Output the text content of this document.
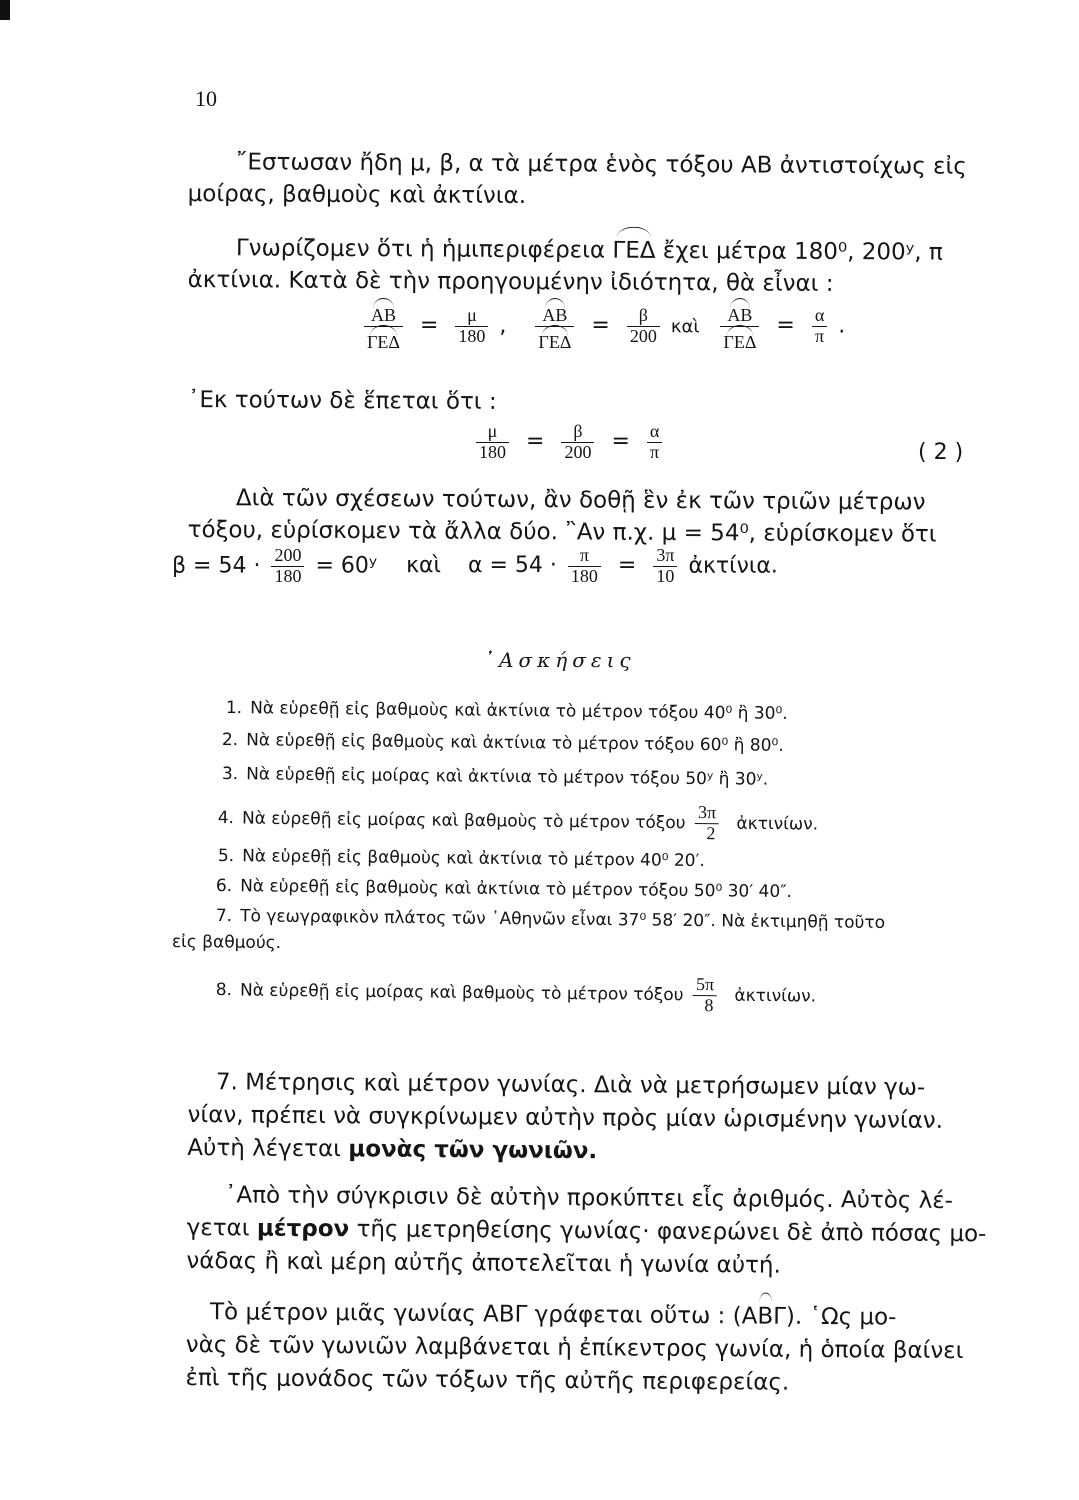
10
῎Εστωσαν ἤδη μ, β, α τὰ μέτρα ἑνὸς τόξου ΑΒ ἀντιστοίχως εἰς
μοίρας, βαθμοὺς καὶ ἀκτίνια.
Γνωρίζομεν ὅτι ἡ ἡμιπεριφέρεια ΓΕΔ ἔχει μέτρα 180⁰, 200ʸ, π
ἀκτίνια. Κατὰ δὲ τὴν προηγουμένην ἰδιότητα, θὰ εἶναι :
$\frac{AB}{\text{ΓΕΔ}} = \frac{\mu}{180}$ , $\frac{AB}{\text{ΓΕΔ}} = \frac{\beta}{200}$ καὶ $\frac{AB}{\text{ΓΕΔ}} = \frac{\alpha}{\pi}$ .
᾿Εκ τούτων δὲ ἕπεται ὅτι :
$\frac{\mu}{180} = \frac{\beta}{200} = \frac{\alpha}{\pi}$	( 2 )
Διὰ τῶν σχέσεων τούτων, ἂν δοθῇ ἓν ἐκ τῶν τριῶν μέτρων
τόξου, εὑρίσκομεν τὰ ἄλλα δύο. ῍Αν π.χ. μ = 54⁰, εὑρίσκομεν ὅτι
$\beta = 54 \cdot \frac{200}{180}$ = 60ʸ καὶ $\alpha = 54 \cdot \frac{\pi}{180} = \frac{3\pi}{10}$ ἀκτίνια.
᾿Ασκήσεις
1. Νὰ εὑρεθῇ εἰς βαθμοὺς καὶ ἀκτίνια τὸ μέτρον τόξου 40⁰ ἢ 30⁰.
2. Νὰ εὑρεθῇ εἰς βαθμοὺς καὶ ἀκτίνια τὸ μέτρον τόξου 60⁰ ἢ 80⁰.
3. Νὰ εὑρεθῇ εἰς μοίρας καὶ ἀκτίνια τὸ μέτρον τόξου 50ʸ ἢ 30ʸ.
4. Νὰ εὑρεθῇ εἰς μοίρας καὶ βαθμοὺς τὸ μέτρον τόξου $\frac{3\pi}{2}$ ἀκτινίων.
5. Νὰ εὑρεθῇ εἰς βαθμοὺς καὶ ἀκτίνια τὸ μέτρον 40⁰ 20′.
6. Νὰ εὑρεθῇ εἰς βαθμοὺς καὶ ἀκτίνια τὸ μέτρον τόξου 50⁰ 30′ 40″.
7. Τὸ γεωγραφικὸν πλάτος τῶν ᾿Αθηνῶν εἶναι 37⁰ 58′ 20″. Νὰ ἐκτιμηθῇ τοῦτο
εἰς βαθμούς.
8. Νὰ εὑρεθῇ εἰς μοίρας καὶ βαθμοὺς τὸ μέτρον τόξου $\frac{5\pi}{8}$ ἀκτινίων.
7. Μέτρησις καὶ μέτρον γωνίας. Διὰ νὰ μετρήσωμεν μίαν γω-
νίαν, πρέπει νὰ συγκρίνωμεν αὐτὴν πρὸς μίαν ὡρισμένην γωνίαν.
Αὐτὴ λέγεται μονὰς τῶν γωνιῶν.
᾿Απὸ τὴν σύγκρισιν δὲ αὐτὴν προκύπτει εἷς ἀριθμός. Αὐτὸς λέ-
γεται μέτρον τῆς μετρηθείσης γωνίας· φανερώνει δὲ ἀπὸ πόσας μο-
νάδας ἢ καὶ μέρη αὐτῆς ἀποτελεῖται ἡ γωνία αὐτή.
Τὸ μέτρον μιᾶς γωνίας ΑΒΓ γράφεται οὕτω : (ΑΒΓ). ῾Ως μο-
νὰς δὲ τῶν γωνιῶν λαμβάνεται ἡ ἐπίκεντρος γωνία, ἡ ὁποία βαίνει
ἐπὶ τῆς μονάδος τῶν τόξων τῆς αὐτῆς περιφερείας.
